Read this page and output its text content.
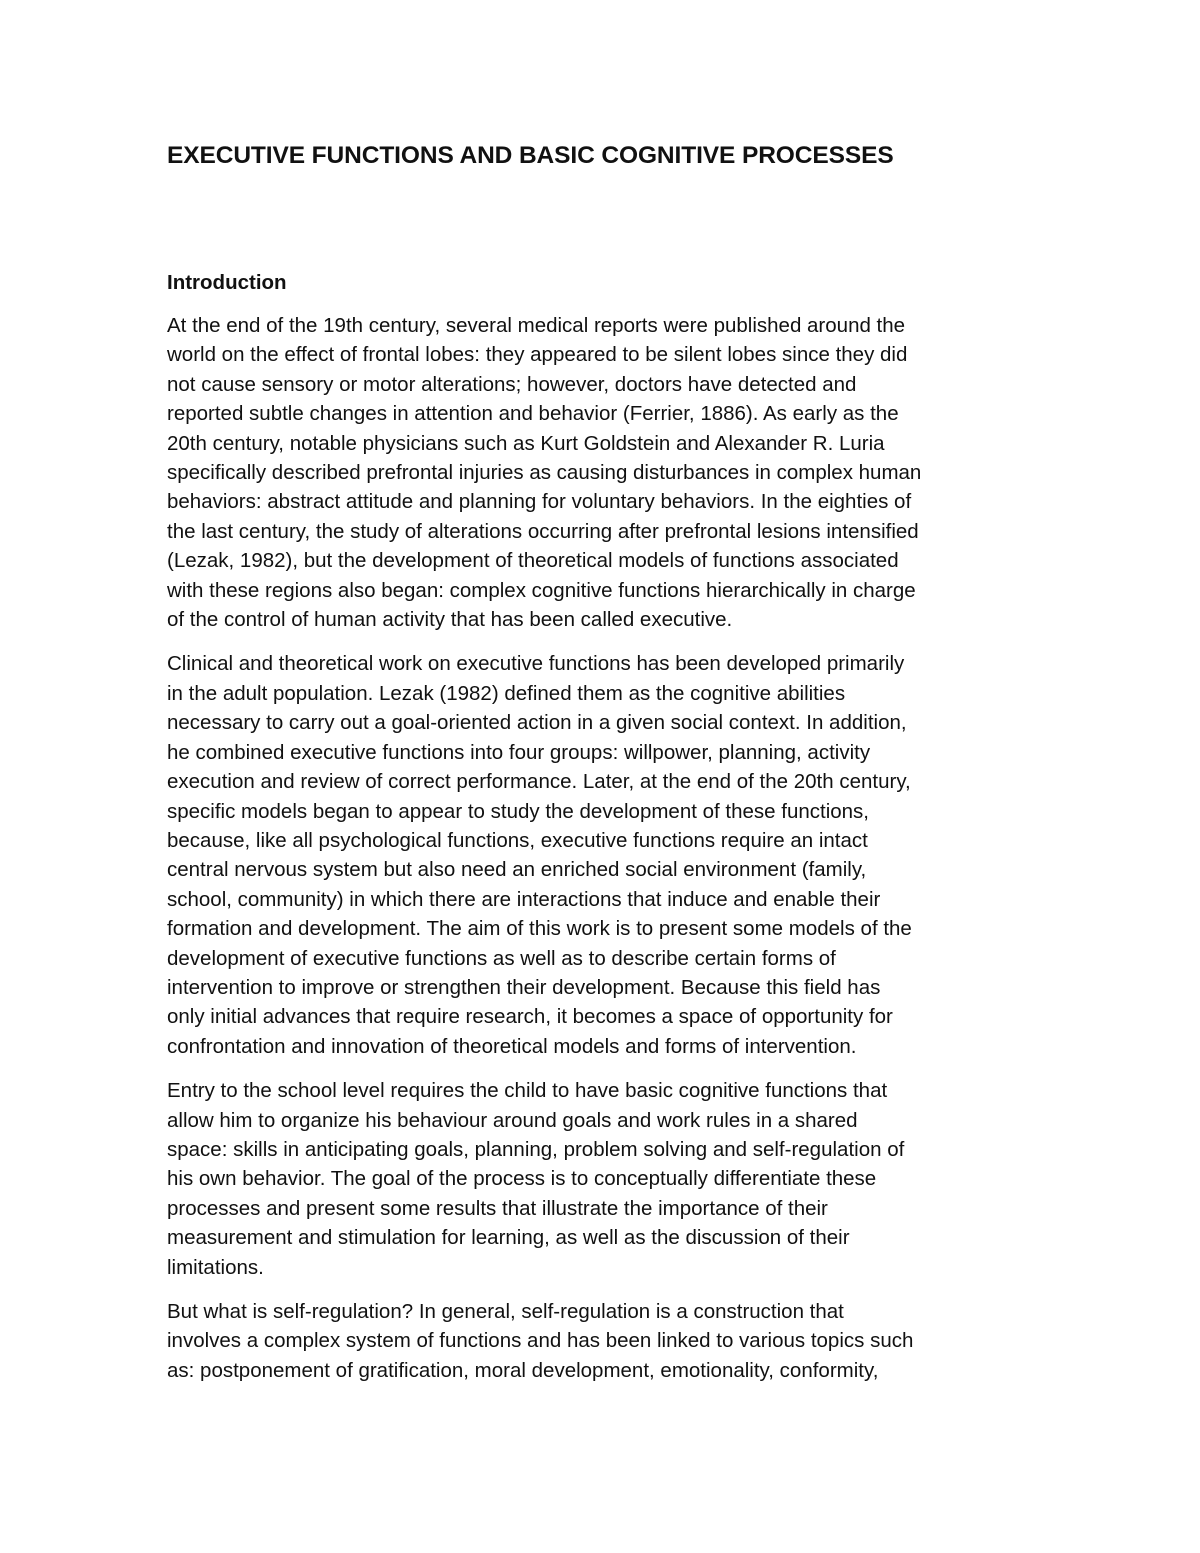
EXECUTIVE FUNCTIONS AND BASIC COGNITIVE PROCESSES
Introduction

At the end of the 19th century, several medical reports were published around the
world on the effect of frontal lobes: they appeared to be silent lobes since they did
not cause sensory or motor alterations; however, doctors have detected and
reported subtle changes in attention and behavior (Ferrier, 1886). As early as the
20th century, notable physicians such as Kurt Goldstein and Alexander R. Luria
specifically described prefrontal injuries as causing disturbances in complex human
behaviors: abstract attitude and planning for voluntary behaviors. In the eighties of
the last century, the study of alterations occurring after prefrontal lesions intensified
(Lezak, 1982), but the development of theoretical models of functions associated
with these regions also began: complex cognitive functions hierarchically in charge
of the control of human activity that has been called executive.

Clinical and theoretical work on executive functions has been developed primarily
in the adult population. Lezak (1982) defined them as the cognitive abilities
necessary to carry out a goal-oriented action in a given social context. In addition,
he combined executive functions into four groups: willpower, planning, activity
execution and review of correct performance. Later, at the end of the 20th century,
specific models began to appear to study the development of these functions,
because, like all psychological functions, executive functions require an intact
central nervous system but also need an enriched social environment (family,
school, community) in which there are interactions that induce and enable their
formation and development. The aim of this work is to present some models of the
development of executive functions as well as to describe certain forms of
intervention to improve or strengthen their development. Because this field has
only initial advances that require research, it becomes a space of opportunity for
confrontation and innovation of theoretical models and forms of intervention.

Entry to the school level requires the child to have basic cognitive functions that
allow him to organize his behaviour around goals and work rules in a shared
space: skills in anticipating goals, planning, problem solving and self-regulation of
his own behavior. The goal of the process is to conceptually differentiate these
processes and present some results that illustrate the importance of their
measurement and stimulation for learning, as well as the discussion of their
limitations.

But what is self-regulation? In general, self-regulation is a construction that
involves a complex system of functions and has been linked to various topics such
as: postponement of gratification, moral development, emotionality, conformity,
